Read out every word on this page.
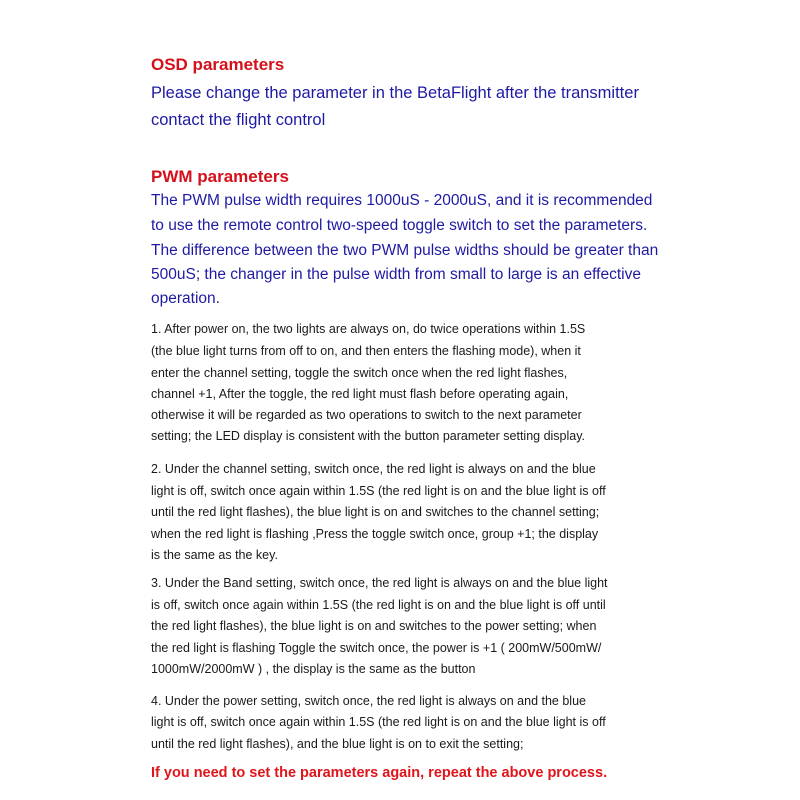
OSD parameters
Please change the parameter in the BetaFlight after the transmitter
contact the flight control
PWM parameters
The PWM pulse width requires 1000uS - 2000uS, and it is recommended
to use the remote control two-speed toggle switch to set the parameters.
The difference between the two PWM pulse widths should be greater than
500uS; the changer in the pulse width from small to large is an effective
operation.
1. After power on, the two lights are always on, do twice operations within 1.5S
(the blue light turns from off to on, and then enters the flashing mode), when it
enter the channel setting, toggle the switch once when the red light flashes,
channel +1, After the toggle, the red light must flash before operating again,
otherwise it will be regarded as two operations to switch to the next parameter
setting; the LED display is consistent with the button parameter setting display.
2. Under the channel setting, switch once, the red light is always on and the blue
light is off, switch once again within 1.5S (the red light is on and the blue light is off
until the red light flashes), the blue light is on and switches to the channel setting;
when the red light is flashing ,Press the toggle switch once, group +1; the display
is the same as the key.
3. Under the Band setting, switch once, the red light is always on and the blue light
is off, switch once again within 1.5S (the red light is on and the blue light is off until
the red light flashes), the blue light is on and switches to the power setting; when
the red light is flashing Toggle the switch once, the power is +1 ( 200mW/500mW/
1000mW/2000mW ) , the display is the same as the button
4. Under the power setting, switch once, the red light is always on and the blue
light is off, switch once again within 1.5S (the red light is on and the blue light is off
until the red light flashes), and the blue light is on to exit the setting;
If you need to set the parameters again, repeat the above process.
